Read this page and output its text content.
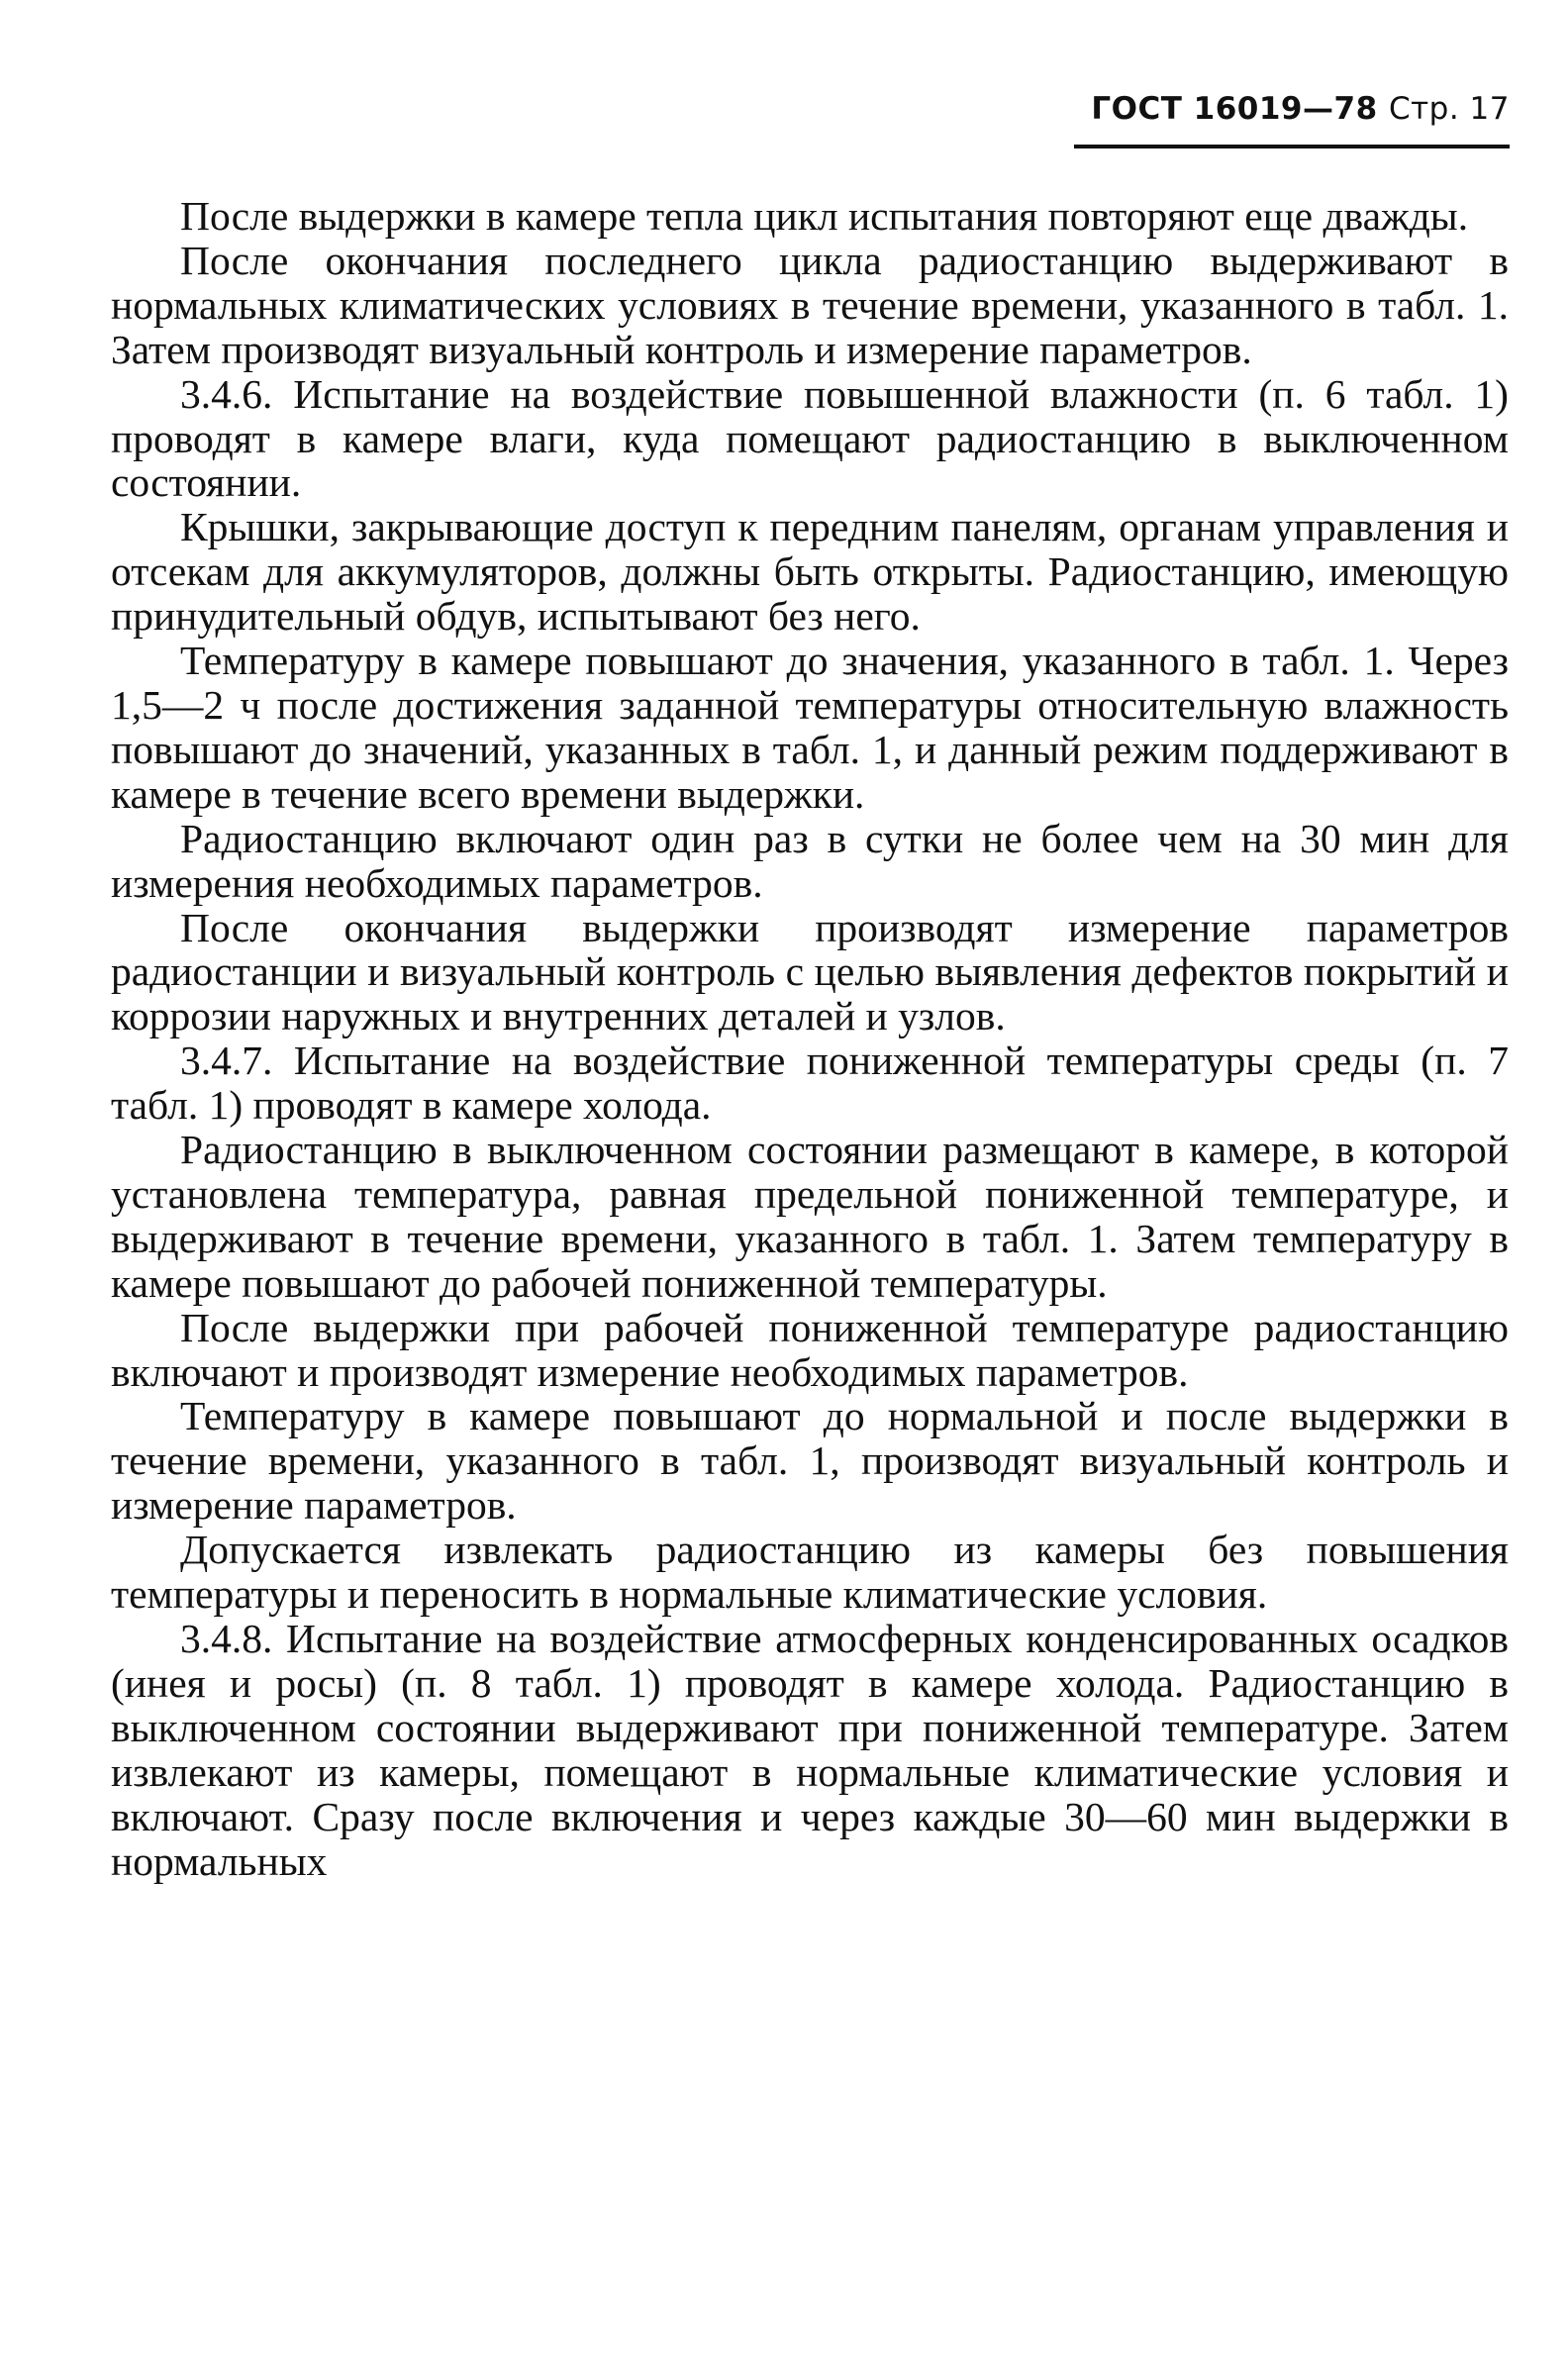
ГОСТ 16019—78 Стр. 17

После выдержки в камере тепла цикл испытания повторяют еще дважды.

После окончания последнего цикла радиостанцию выдерживают в нормальных климатических условиях в течение времени, указанного в табл. 1. Затем производят визуальный контроль и измерение параметров.

3.4.6. Испытание на воздействие повышенной влажности (п. 6 табл. 1) проводят в камере влаги, куда помещают радиостанцию в выключенном состоянии.

Крышки, закрывающие доступ к передним панелям, органам управления и отсекам для аккумуляторов, должны быть открыты. Радиостанцию, имеющую принудительный обдув, испытывают без него.

Температуру в камере повышают до значения, указанного в табл. 1. Через 1,5—2 ч после достижения заданной температуры относительную влажность повышают до значений, указанных в табл. 1, и данный режим поддерживают в камере в течение всего времени выдержки.

Радиостанцию включают один раз в сутки не более чем на 30 мин для измерения необходимых параметров.

После окончания выдержки производят измерение параметров радиостанции и визуальный контроль с целью выявления дефектов покрытий и коррозии наружных и внутренних деталей и узлов.

3.4.7. Испытание на воздействие пониженной температуры среды (п. 7 табл. 1) проводят в камере холода.

Радиостанцию в выключенном состоянии размещают в камере, в которой установлена температура, равная предельной пониженной температуре, и выдерживают в течение времени, указанного в табл. 1. Затем температуру в камере повышают до рабочей пониженной температуры.

После выдержки при рабочей пониженной температуре радиостанцию включают и производят измерение необходимых параметров.

Температуру в камере повышают до нормальной и после выдержки в течение времени, указанного в табл. 1, производят визуальный контроль и измерение параметров.

Допускается извлекать радиостанцию из камеры без повышения температуры и переносить в нормальные климатические условия.

3.4.8. Испытание на воздействие атмосферных конденсированных осадков (инея и росы) (п. 8 табл. 1) проводят в камере холода. Радиостанцию в выключенном состоянии выдерживают при пониженной температуре. Затем извлекают из камеры, помещают в нормальные климатические условия и включают. Сразу после включения и через каждые 30—60 мин выдержки в нормальных
